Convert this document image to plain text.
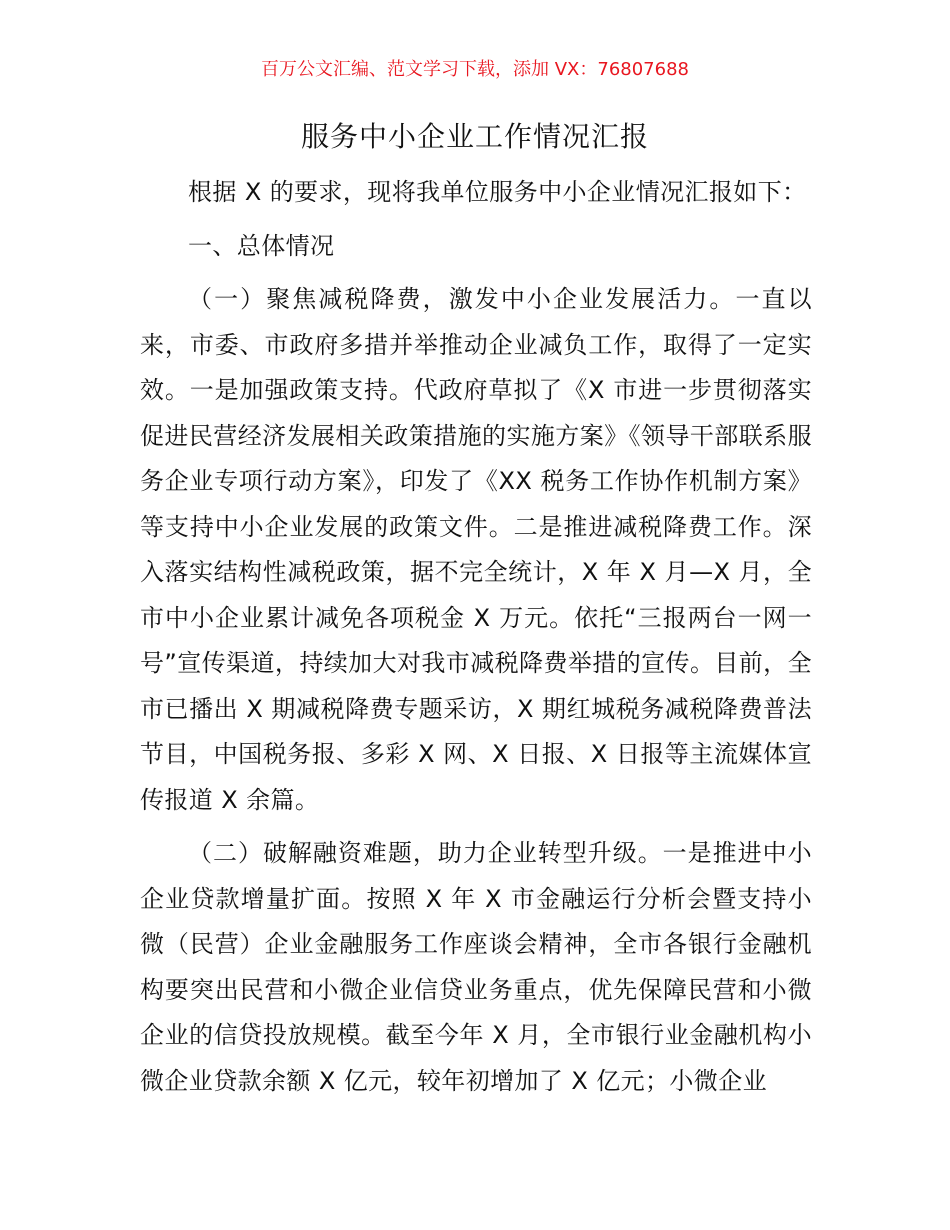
百万公文汇编、范文学习下载，添加 VX：76807688
服务中小企业工作情况汇报

根据 X 的要求，现将我单位服务中小企业情况汇报如下：

一、总体情况

（一）聚焦减税降费，激发中小企业发展活力。一直以来，市委、市政府多措并举推动企业减负工作，取得了一定实效。一是加强政策支持。代政府草拟了《X 市进一步贯彻落实促进民营经济发展相关政策措施的实施方案》《领导干部联系服务企业专项行动方案》，印发了《XX 税务工作协作机制方案》等支持中小企业发展的政策文件。二是推进减税降费工作。深入落实结构性减税政策，据不完全统计，X 年 X 月—X 月，全市中小企业累计减免各项税金 X 万元。依托“三报两台一网一号”宣传渠道，持续加大对我市减税降费举措的宣传。目前，全市已播出 X 期减税降费专题采访，X 期红城税务减税降费普法节目，中国税务报、多彩 X 网、X 日报、X 日报等主流媒体宣传报道 X 余篇。

（二）破解融资难题，助力企业转型升级。一是推进中小企业贷款增量扩面。按照 X 年 X 市金融运行分析会暨支持小微（民营）企业金融服务工作座谈会精神，全市各银行金融机构要突出民营和小微企业信贷业务重点，优先保障民营和小微企业的信贷投放规模。截至今年 X 月，全市银行业金融机构小微企业贷款余额 X 亿元，较年初增加了 X 亿元；小微企业
